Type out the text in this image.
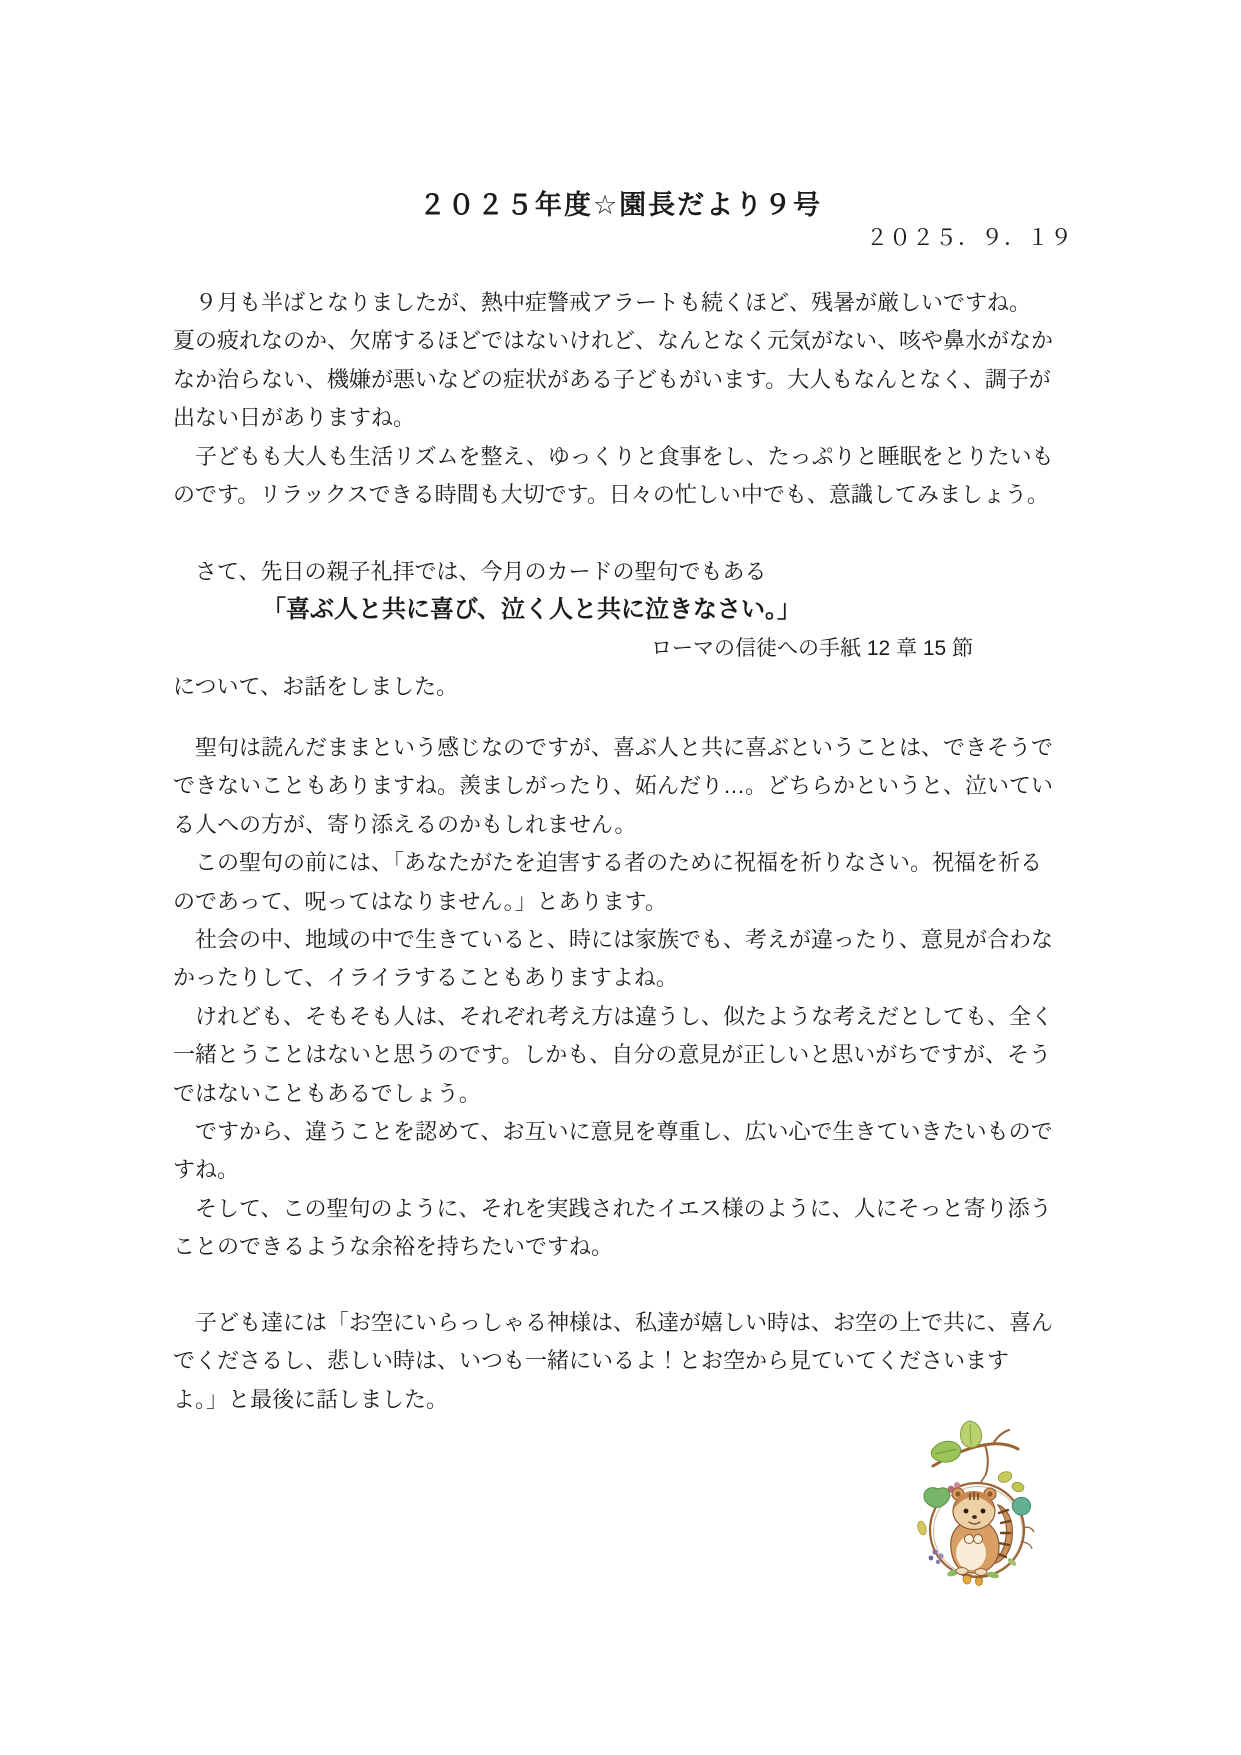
２０２５年度☆園長だより９号
２０２５．９．１９
　９月も半ばとなりましたが、熱中症警戒アラートも続くほど、残暑が厳しいですね。
夏の疲れなのか、欠席するほどではないけれど、なんとなく元気がない、咳や鼻水がなか
なか治らない、機嫌が悪いなどの症状がある子どもがいます。大人もなんとなく、調子が
出ない日がありますね。
　子どもも大人も生活リズムを整え、ゆっくりと食事をし、たっぷりと睡眠をとりたいも
のです。リラックスできる時間も大切です。日々の忙しい中でも、意識してみましょう。
　さて、先日の親子礼拝では、今月のカードの聖句でもある
「喜ぶ人と共に喜び、泣く人と共に泣きなさい。」
ローマの信徒への手紙 12 章 15 節
について、お話をしました。
　聖句は読んだままという感じなのですが、喜ぶ人と共に喜ぶということは、できそうで
できないこともありますね。羨ましがったり、妬んだり…。どちらかというと、泣いてい
る人への方が、寄り添えるのかもしれません。
　この聖句の前には、「あなたがたを迫害する者のために祝福を祈りなさい。祝福を祈る
のであって、呪ってはなりません。」とあります。
　社会の中、地域の中で生きていると、時には家族でも、考えが違ったり、意見が合わな
かったりして、イライラすることもありますよね。
　けれども、そもそも人は、それぞれ考え方は違うし、似たような考えだとしても、全く
一緒とうことはないと思うのです。しかも、自分の意見が正しいと思いがちですが、そう
ではないこともあるでしょう。
　ですから、違うことを認めて、お互いに意見を尊重し、広い心で生きていきたいもので
すね。
　そして、この聖句のように、それを実践されたイエス様のように、人にそっと寄り添う
ことのできるような余裕を持ちたいですね。
　子ども達には「お空にいらっしゃる神様は、私達が嬉しい時は、お空の上で共に、喜ん
でくださるし、悲しい時は、いつも一緒にいるよ！とお空から見ていてくださいます
よ。」と最後に話しました。
